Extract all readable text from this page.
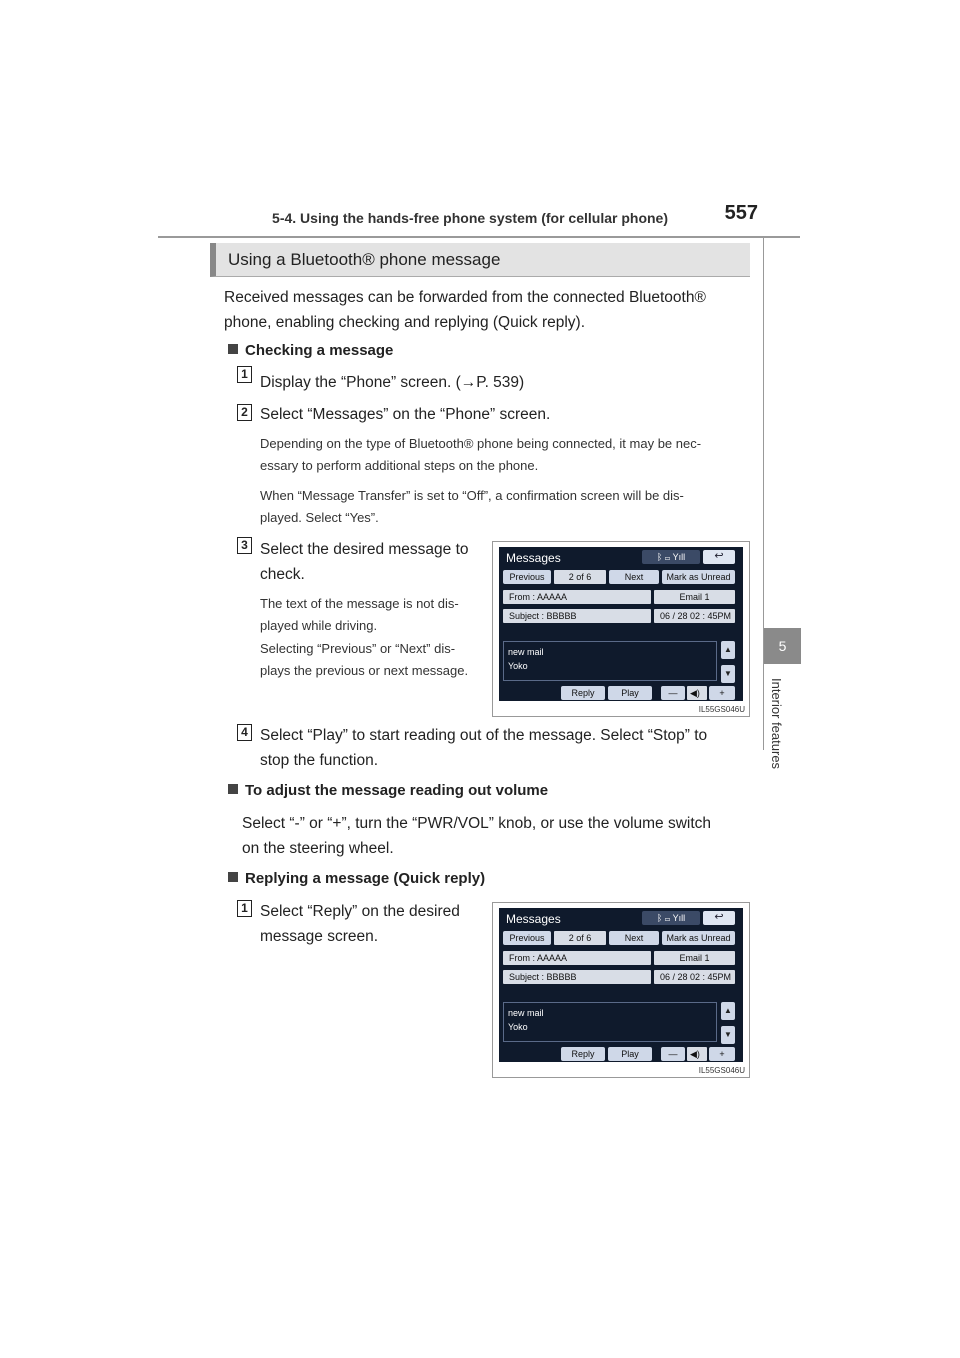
5-4. Using the hands-free phone system (for cellular phone)	557
5
Interior features
Using a Bluetooth® phone message
Received messages can be forwarded from the connected Bluetooth®
phone, enabling checking and replying (Quick reply).
Checking a message
1 Display the “Phone” screen. (→P. 539)
2 Select “Messages” on the “Phone” screen.
Depending on the type of Bluetooth® phone being connected, it may be nec-
essary to perform additional steps on the phone.
When “Message Transfer” is set to “Off”, a confirmation screen will be dis-
played. Select “Yes”.
3 Select the desired message to
check.
The text of the message is not dis-
played while driving.
Selecting “Previous” or “Next” dis-
plays the previous or next message.
Messages	ᛒ ▭ Yıll	↩
Previous	2 of 6	Next	Mark as Unread
From : AAAAA	Email 1
Subject : BBBBB	06 / 28 02 : 45PM
new mail
Yoko
▲
▼
Reply	Play	—	◀)	+
IL55GS046U
4 Select “Play” to start reading out of the message. Select “Stop” to
stop the function.
To adjust the message reading out volume
Select “-” or “+”, turn the “PWR/VOL” knob, or use the volume switch
on the steering wheel.
Replying a message (Quick reply)
1 Select “Reply” on the desired
message screen.
Messages	ᛒ ▭ Yıll	↩
Previous	2 of 6	Next	Mark as Unread
From : AAAAA	Email 1
Subject : BBBBB	06 / 28 02 : 45PM
new mail
Yoko
▲
▼
Reply	Play	—	◀)	+
IL55GS046U
